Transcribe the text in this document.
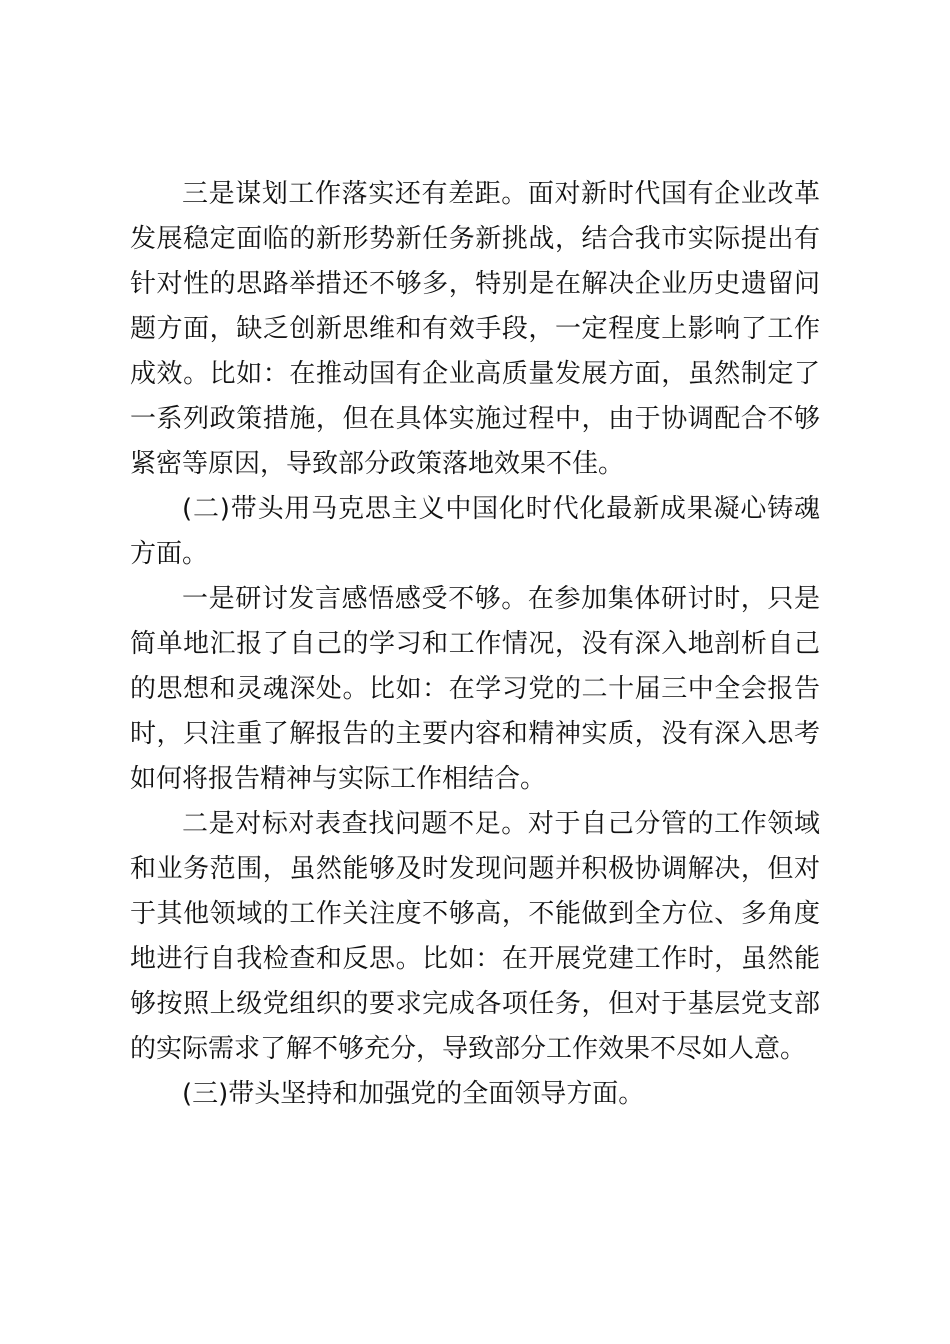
三是谋划工作落实还有差距。面对新时代国有企业改革发展稳定面临的新形势新任务新挑战，结合我市实际提出有针对性的思路举措还不够多，特别是在解决企业历史遗留问题方面，缺乏创新思维和有效手段，一定程度上影响了工作成效。比如：在推动国有企业高质量发展方面，虽然制定了一系列政策措施，但在具体实施过程中，由于协调配合不够紧密等原因，导致部分政策落地效果不佳。

(二)带头用马克思主义中国化时代化最新成果凝心铸魂方面。

一是研讨发言感悟感受不够。在参加集体研讨时，只是简单地汇报了自己的学习和工作情况，没有深入地剖析自己的思想和灵魂深处。比如：在学习党的二十届三中全会报告时，只注重了解报告的主要内容和精神实质，没有深入思考如何将报告精神与实际工作相结合。

二是对标对表查找问题不足。对于自己分管的工作领域和业务范围，虽然能够及时发现问题并积极协调解决，但对于其他领域的工作关注度不够高，不能做到全方位、多角度地进行自我检查和反思。比如：在开展党建工作时，虽然能够按照上级党组织的要求完成各项任务，但对于基层党支部的实际需求了解不够充分，导致部分工作效果不尽如人意。

(三)带头坚持和加强党的全面领导方面。
